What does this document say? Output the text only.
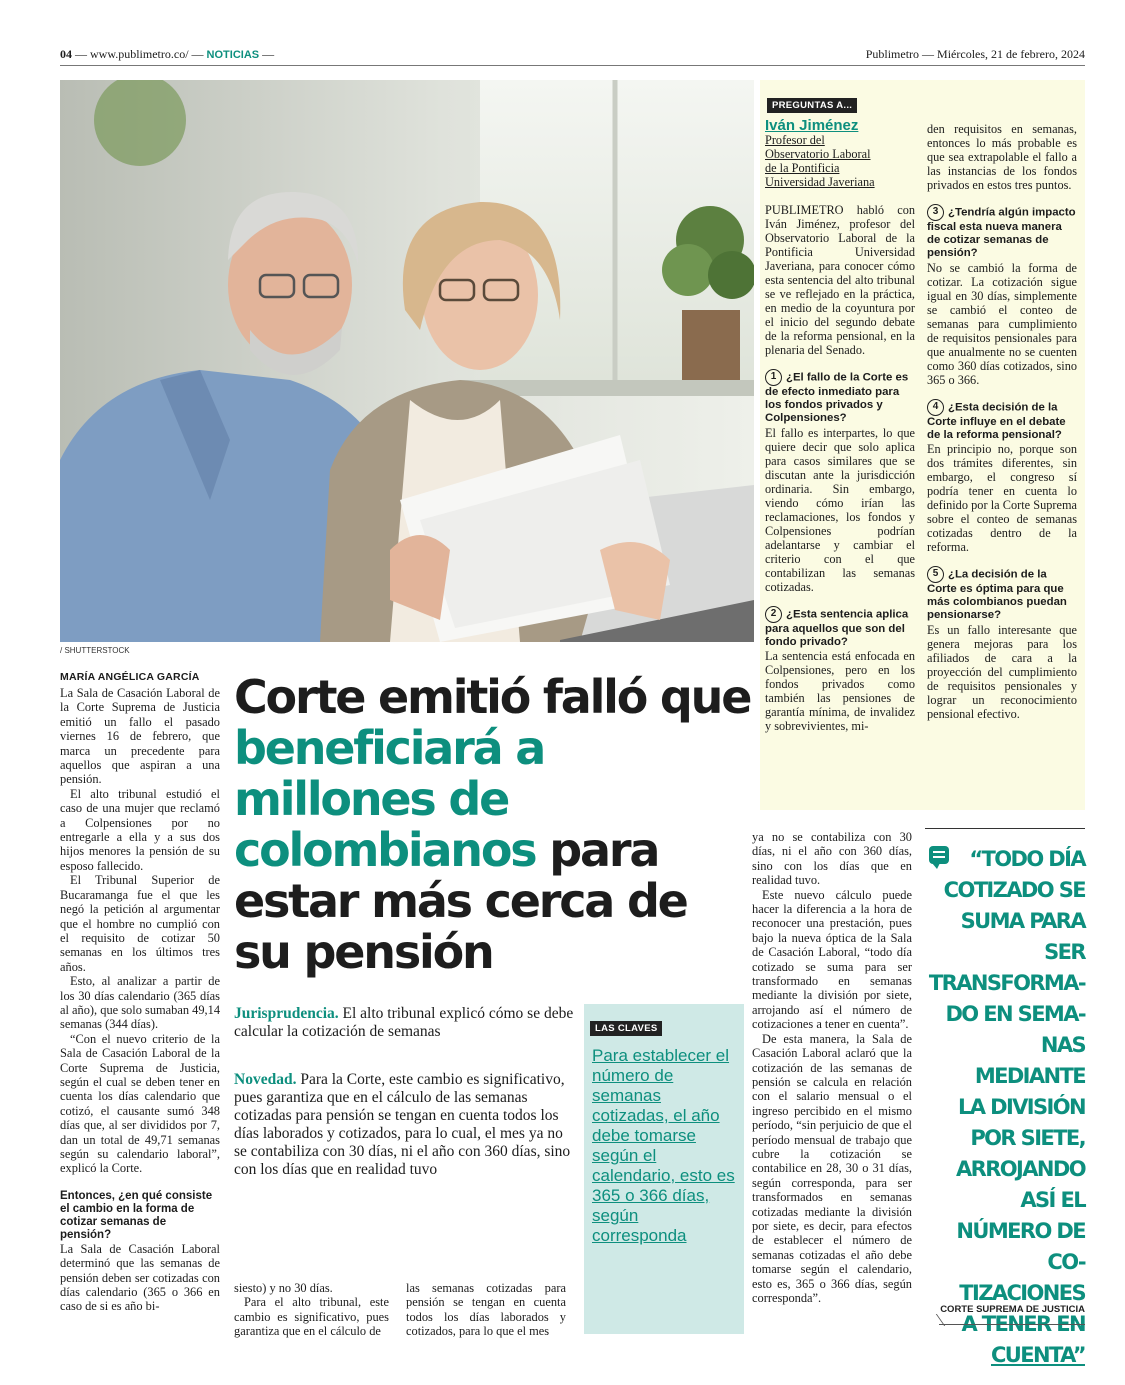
04 — www.publimetro.co/ — NOTICIAS —	Publimetro — Miércoles, 21 de febrero, 2024
/ SHUTTERSTOCK
PREGUNTAS A...
Iván Jiménez
Profesor del
Observatorio Laboral
de la Pontificia
Universidad Javeriana

PUBLIMETRO habló con Iván Jiménez, profesor del Observatorio Laboral de la Pontificia Universidad Javeriana, para conocer cómo esta sentencia del alto tribunal se ve reflejado en la práctica, en medio de la coyuntura por el inicio del segundo debate de la reforma pensional, en la plenaria del Senado.

1 ¿El fallo de la Corte es de efecto inmediato para los fondos privados y Colpensiones?

El fallo es interpartes, lo que quiere decir que solo aplica para casos similares que se discutan ante la jurisdicción ordinaria. Sin embargo, viendo cómo irían las reclamaciones, los fondos y Colpensiones podrían adelantarse y cambiar el criterio con el que contabilizan las semanas cotizadas.

2 ¿Esta sentencia aplica para aquellos que son del fondo privado?

La sentencia está enfocada en Colpensiones, pero en los fondos privados como también las pensiones de garantía mínima, de invalidez y sobrevivientes, mi-

den requisitos en semanas, entonces lo más probable es que sea extrapolable el fallo a las instancias de los fondos privados en estos tres puntos.

3 ¿Tendría algún impacto fiscal esta nueva manera de cotizar semanas de pensión?

No se cambió la forma de cotizar. La cotización sigue igual en 30 días, simplemente se cambió el conteo de semanas para cumplimiento de requisitos pensionales para que anualmente no se cuenten como 360 días cotizados, sino 365 o 366.

4 ¿Esta decisión de la Corte influye en el debate de la reforma pensional?

En principio no, porque son dos trámites diferentes, sin embargo, el congreso sí podría tener en cuenta lo definido por la Corte Suprema sobre el conteo de semanas cotizadas dentro de la reforma.

5 ¿La decisión de la Corte es óptima para que más colombianos puedan pensionarse?

Es un fallo interesante que genera mejoras para los afiliados de cara a la proyección del cumplimiento de requisitos pensionales y lograr un reconocimiento pensional efectivo.

Corte emitió falló que beneficiará a millones de colombianos para estar más cerca de su pensión
MARÍA ANGÉLICA GARCÍA

La Sala de Casación Laboral de la Corte Suprema de Justicia emitió un fallo el pasado viernes 16 de febrero, que marca un precedente para aquellos que aspiran a una pensión.

El alto tribunal estudió el caso de una mujer que reclamó a Colpensiones por no entregarle a ella y a sus dos hijos menores la pensión de su esposo fallecido.

El Tribunal Superior de Bucaramanga fue el que les negó la petición al argumentar que el hombre no cumplió con el requisito de cotizar 50 semanas en los últimos tres años.

Esto, al analizar a partir de los 30 días calendario (365 días al año), que solo sumaban 49,14 semanas (344 días).

“Con el nuevo criterio de la Sala de Casación Laboral de la Corte Suprema de Justicia, según el cual se deben tener en cuenta los días calendario que cotizó, el causante sumó 348 días que, al ser divididos por 7, dan un total de 49,71 semanas según su calendario laboral”, explicó la Corte.

Entonces, ¿en qué consiste el cambio en la forma de cotizar semanas de pensión?

La Sala de Casación Laboral determinó que las semanas de pensión deben ser cotizadas con días calendario (365 o 366 en caso de si es año bi-

Jurisprudencia. El alto tribunal explicó cómo se debe calcular la cotización de semanas

Novedad. Para la Corte, este cambio es significativo, pues garantiza que en el cálculo de las semanas cotizadas para pensión se tengan en cuenta todos los días laborados y cotizados, para lo cual, el mes ya no se contabiliza con 30 días, ni el año con 360 días, sino con los días que en realidad tuvo

siesto) y no 30 días.

Para el alto tribunal, este cambio es significativo, pues garantiza que en el cálculo de

las semanas cotizadas para pensión se tengan en cuenta todos los días laborados y cotizados, para lo que el mes

LAS CLAVES
Para establecer el número de semanas cotizadas, el año debe tomarse según el calendario, esto es 365 o 366 días, según corresponda

ya no se contabiliza con 30 días, ni el año con 360 días, sino con los días que en realidad tuvo.

Este nuevo cálculo puede hacer la diferencia a la hora de reconocer una prestación, pues bajo la nueva óptica de la Sala de Casación Laboral, “todo día cotizado se suma para ser transformado en semanas mediante la división por siete, arrojando así el número de cotizaciones a tener en cuenta”.

De esta manera, la Sala de Casación Laboral aclaró que la cotización de las semanas de pensión se calcula en relación con el salario mensual o el ingreso percibido en el mismo período, “sin perjuicio de que el período mensual de trabajo que cubre la cotización se contabilice en 28, 30 o 31 días, según corresponda, para ser transformados en semanas cotizadas mediante la división por siete, es decir, para efectos de establecer el número de semanas cotizadas el año debe tomarse según el calendario, esto es, 365 o 366 días, según corresponda”.

“TODO DÍA
COTIZADO SE
SUMA PARA SER
TRANSFORMA-
DO EN SEMA-
NAS MEDIANTE
LA DIVISIÓN
POR SIETE,
ARROJANDO
ASÍ EL
NÚMERO DE CO-
TIZACIONES
A TENER EN
CUENTA”
CORTE SUPREMA DE JUSTICIA
